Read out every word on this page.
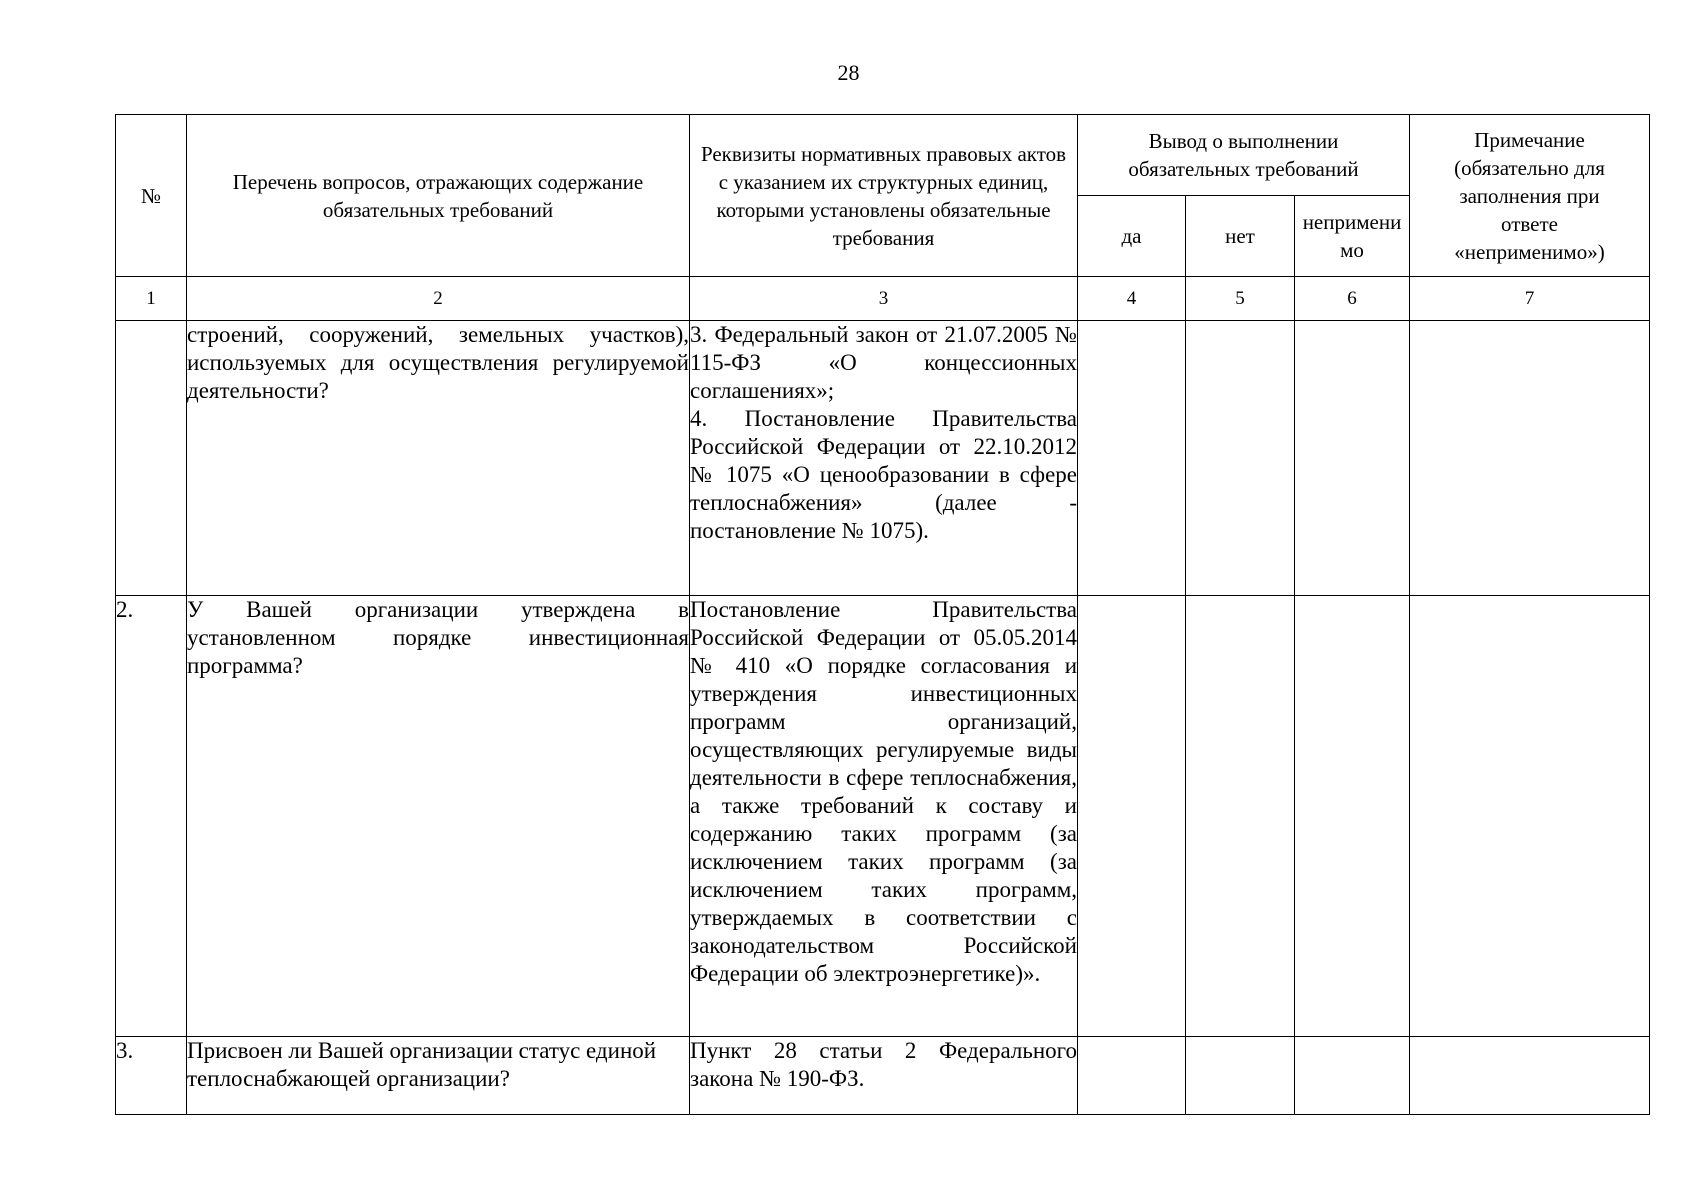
28
№	Перечень вопросов, отражающих содержание обязательных требований	Реквизиты нормативных правовых актов с указанием их структурных единиц, которыми установлены обязательные требования	Вывод о выполнении обязательных требований			Примечание (обязательно для заполнения при ответе «неприменимо»)
			да	нет	неприменимо	
1	2	3	4	5	6	7
	строений, сооружений, земельных участков), используемых для осуществления регулируемой деятельности?	3. Федеральный закон от 21.07.2005 № 115-ФЗ «О концессионных соглашениях»;

4. Постановление Правительства Российской Федерации от 22.10.2012 № 1075 «О ценообразовании в сфере теплоснабжения» (далее - постановление № 1075).				

2.	У Вашей организации утверждена в установленном порядке инвестиционная программа?	Постановление Правительства Российской Федерации от 05.05.2014 № 410 «О порядке согласования и утверждения инвестиционных программ организаций, осуществляющих регулируемые виды деятельности в сфере теплоснабжения, а также требований к составу и содержанию таких программ (за исключением таких программ (за исключением таких программ, утверждаемых в соответствии с законодательством Российской Федерации об электроэнергетике)».				

3.	Присвоен ли Вашей организации статус единой теплоснабжающей организации?	Пункт 28 статьи 2 Федерального закона № 190-ФЗ.				
